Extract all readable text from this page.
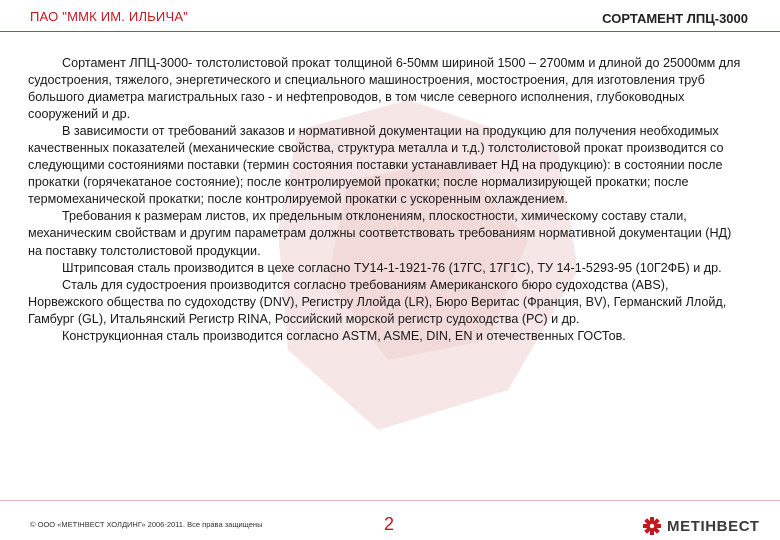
ПАО "ММК ИМ. ИЛЬИЧА"	СОРТАМЕНТ ЛПЦ-3000

Сортамент ЛПЦ-3000- толстолистовой прокат толщиной 6-50мм шириной 1500 – 2700мм и длиной до 25000мм для судостроения, тяжелого, энергетического и специального машиностроения, мостостроения, для изготовления труб большого диаметра магистральных газо - и нефтепроводов, в том числе северного исполнения, глубоководных сооружений и др.

В зависимости от требований заказов и нормативной документации на продукцию для получения необходимых качественных показателей (механические свойства, структура металла и т.д.) толстолистовой прокат производится со следующими состояниями поставки (термин состояния поставки устанавливает НД на продукцию): в состоянии после прокатки (горячекатаное состояние); после контролируемой прокатки; после нормализирующей прокатки; после термомеханической прокатки; после контролируемой прокатки с ускоренным охлаждением.

Требования к размерам листов, их предельным отклонениям, плоскостности, химическому составу стали, механическим свойствам и другим параметрам должны соответствовать требованиям нормативной документации (НД) на поставку толстолистовой продукции.

Штрипсовая сталь производится в цехе согласно ТУ14-1-1921-76 (17ГС, 17Г1С), ТУ 14-1-5293-95 (10Г2ФБ) и др.

Сталь для судостроения производится согласно требованиям Американского бюро судоходства (ABS), Норвежского общества по судоходству (DNV), Регистру Ллойда (LR), Бюро Веритас (Франция, BV), Германский Ллойд, Гамбург (GL), Итальянский Регистр RINA, Российский морской регистр судоходства (РС) и др.

Конструкционная сталь производится согласно ASTM, ASME, DIN, EN и отечественных ГОСТов.

© ООО «МЕТІНВЕСТ ХОЛДИНГ» 2006-2011. Все права защищены	2	МЕТІНВЕСТ
